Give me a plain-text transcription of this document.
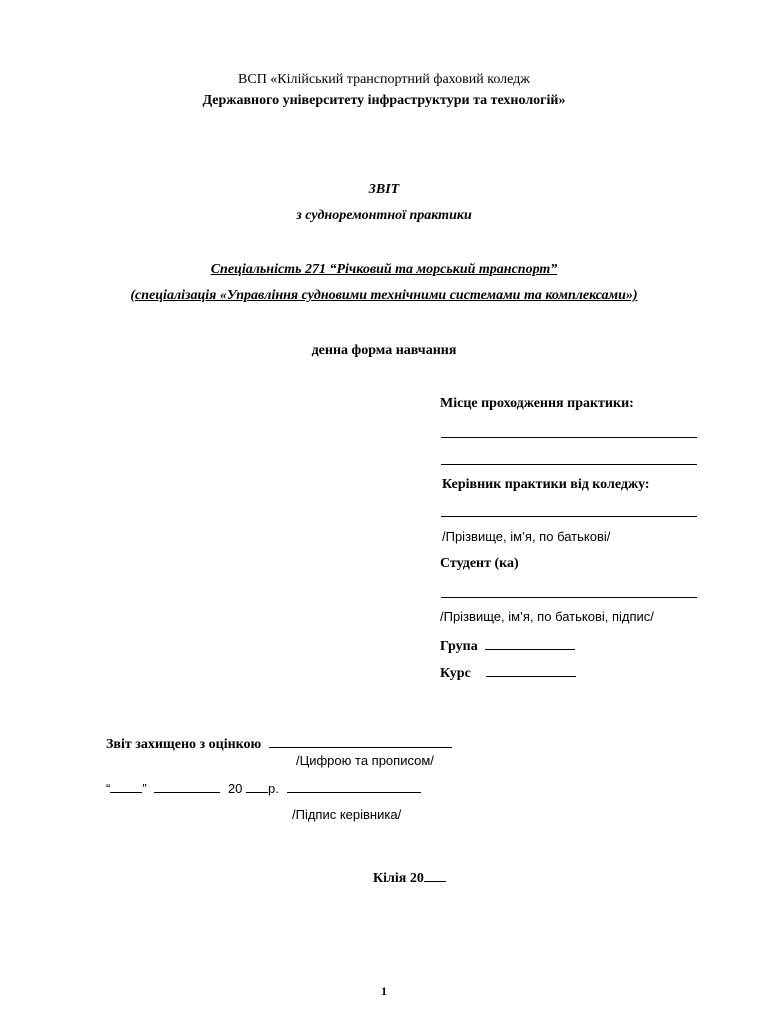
ВСП «Кілійський транспортний фаховий коледж
Державного університету інфраструктури та технологій»
ЗВІТ
з судноремонтної практики
Спеціальність 271 “Річковий та морський транспорт”
(спеціалізація «Управління судновими технічними системами та комплексами»)
денна форма навчання
Місце проходження практики:
Керівник практики від коледжу:
/Прізвище, ім’я, по батькові/
Студент (ка)
/Прізвище, ім’я, по батькові, підпис/
Група
Курс
Звіт захищено з оцінкою
/Цифрою та прописом/
“ ”	20 р.
/Підпис керівника/
Кілія 20
1
